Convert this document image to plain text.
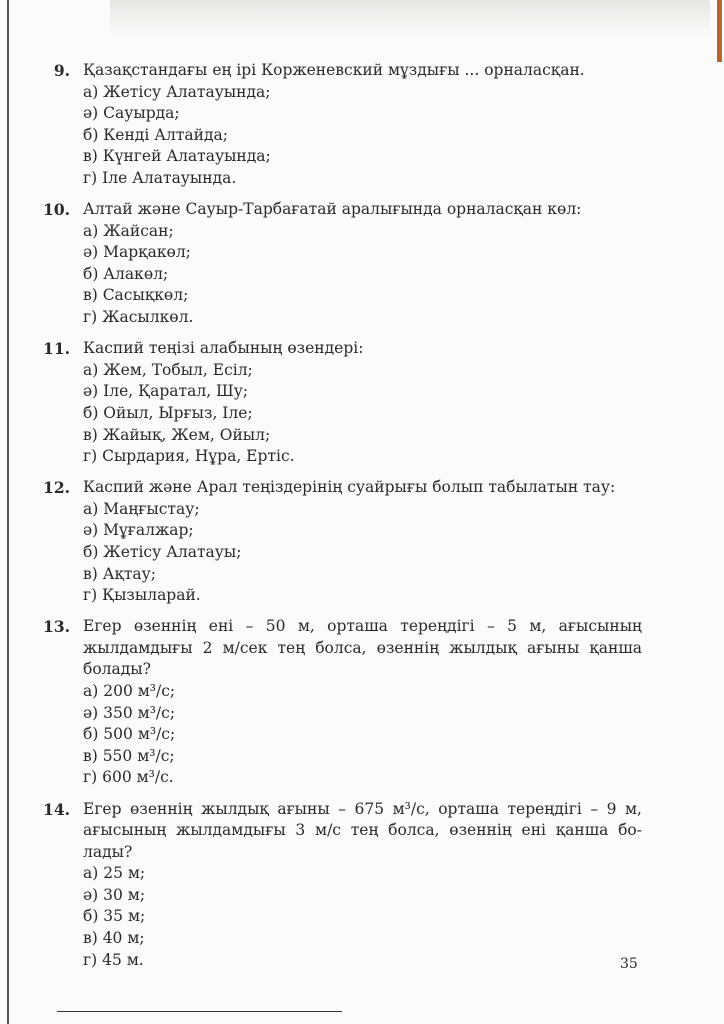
9. Қазақстандағы ең ірі Корженевский мұздығы ... орналасқан.
а) Жетісу Алатауында;
ә) Сауырда;
б) Кенді Алтайда;
в) Күнгей Алатауында;
г) Іле Алатауында.
10. Алтай және Сауыр-Тарбағатай аралығында орналасқан көл:
а) Жайсан;
ә) Марқакөл;
б) Алакөл;
в) Сасықкөл;
г) Жасылкөл.
11. Каспий теңізі алабының өзендері:
а) Жем, Тобыл, Есіл;
ә) Іле, Қаратал, Шу;
б) Ойыл, Ырғыз, Іле;
в) Жайық, Жем, Ойыл;
г) Сырдария, Нұра, Ертіс.
12. Каспий және Арал теңіздерінің суайрығы болып табылатын тау:
а) Маңғыстау;
ә) Мұғалжар;
б) Жетісу Алатауы;
в) Ақтау;
г) Қызыларай.
13. Егер өзеннің ені – 50 м, орташа тереңдігі – 5 м, ағысының
жылдамдығы 2 м/сек тең болса, өзеннің жылдық ағыны қанша
болады?
а) 200 м³/с;
ә) 350 м³/с;
б) 500 м³/с;
в) 550 м³/с;
г) 600 м³/с.
14. Егер өзеннің жылдық ағыны – 675 м³/с, орташа тереңдігі – 9 м,
ағысының жылдамдығы 3 м/с тең болса, өзеннің ені қанша бо-
лады?
а) 25 м;
ә) 30 м;
б) 35 м;
в) 40 м;
г) 45 м.	35
